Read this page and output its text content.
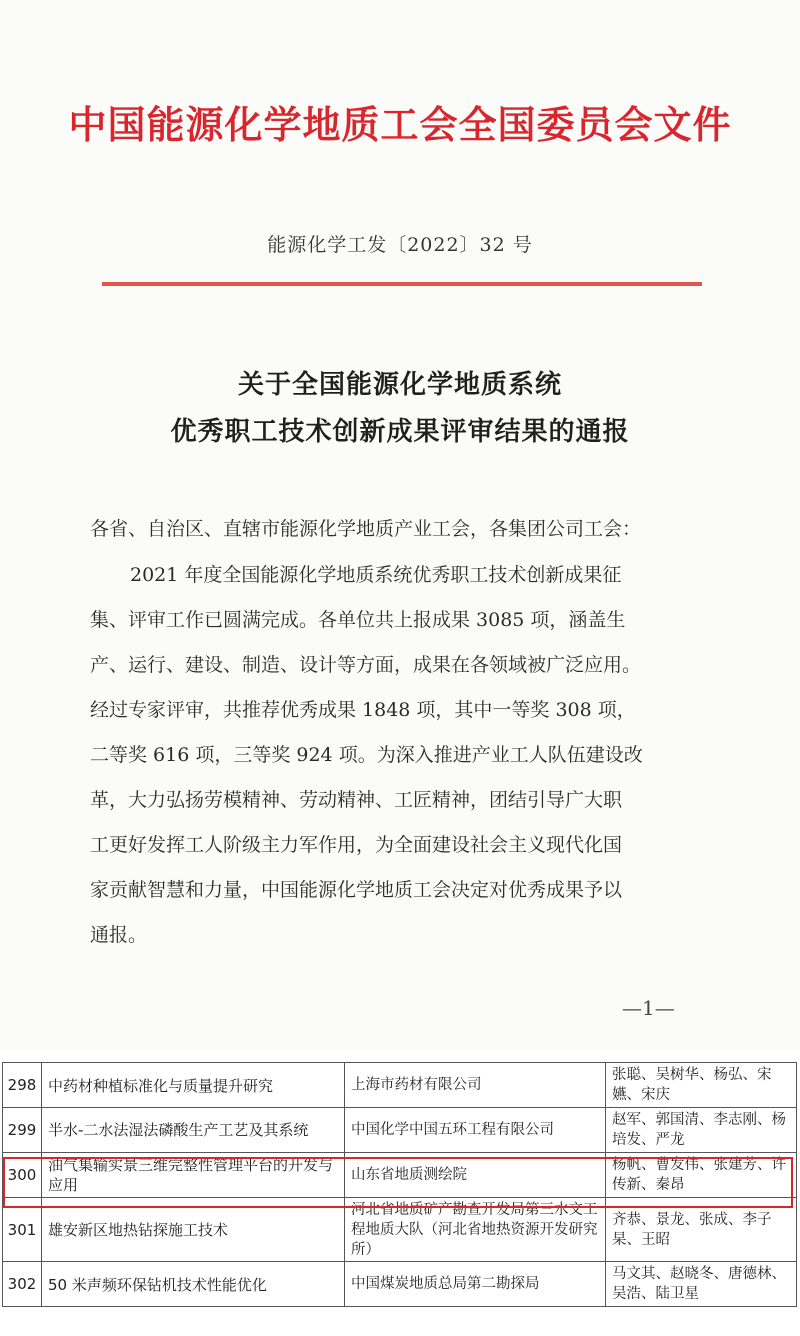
中国能源化学地质工会全国委员会文件
能源化学工发〔2022〕32 号
关于全国能源化学地质系统
优秀职工技术创新成果评审结果的通报
各省、自治区、直辖市能源化学地质产业工会，各集团公司工会：
2021 年度全国能源化学地质系统优秀职工技术创新成果征
集、评审工作已圆满完成。各单位共上报成果 3085 项，涵盖生
产、运行、建设、制造、设计等方面，成果在各领域被广泛应用。
经过专家评审，共推荐优秀成果 1848 项，其中一等奖 308 项，
二等奖 616 项，三等奖 924 项。为深入推进产业工人队伍建设改
革，大力弘扬劳模精神、劳动精神、工匠精神，团结引导广大职
工更好发挥工人阶级主力军作用，为全面建设社会主义现代化国
家贡献智慧和力量，中国能源化学地质工会决定对优秀成果予以
通报。
—1—
298	中药材种植标准化与质量提升研究	上海市药材有限公司	张聪、吴树华、杨弘、宋嬿、宋庆
299	半水-二水法湿法磷酸生产工艺及其系统	中国化学中国五环工程有限公司	赵军、郭国清、李志刚、杨培发、严龙
300	油气集输实景三维完整性管理平台的开发与应用	山东省地质测绘院	杨帆、曹发伟、张建芳、许传新、秦昂
301	雄安新区地热钻探施工技术	河北省地质矿产勘查开发局第三水文工程地质大队（河北省地热资源开发研究所）	齐恭、景龙、张成、李子杲、王昭
302	50 米声频环保钻机技术性能优化	中国煤炭地质总局第二勘探局	马文其、赵晓冬、唐德林、吴浩、陆卫星
